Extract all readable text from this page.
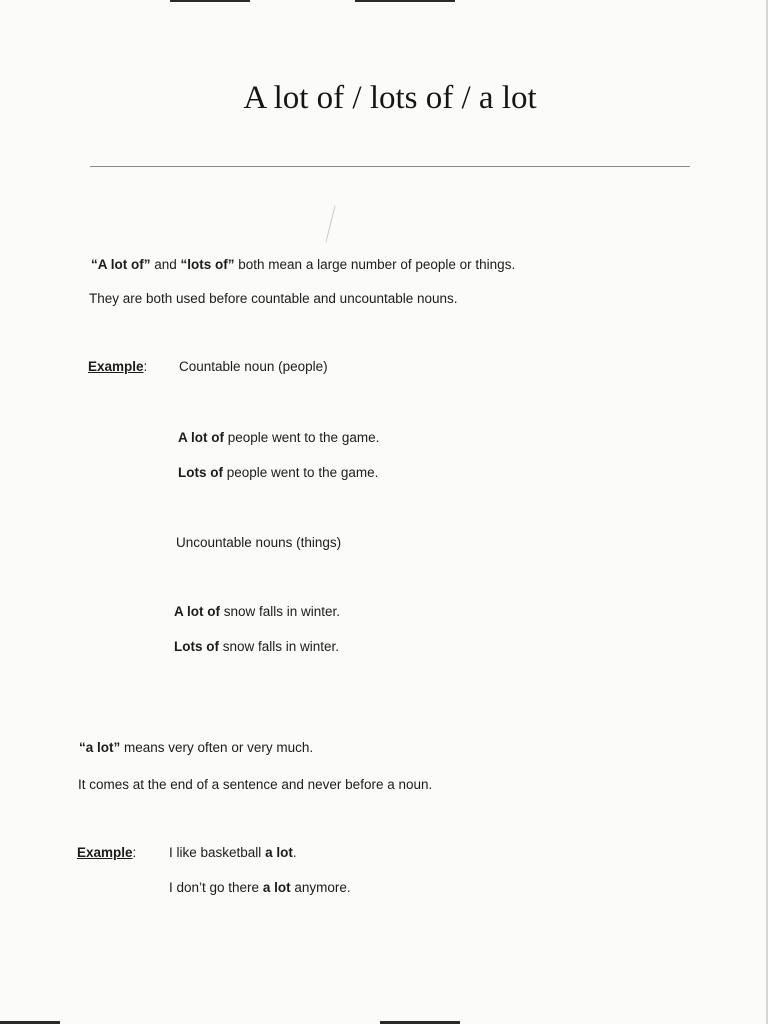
A lot of / lots of / a lot

“A lot of” and “lots of” both mean a large number of people or things.

They are both used before countable and uncountable nouns.

Example: Countable noun (people)

A lot of people went to the game.

Lots of people went to the game.

Uncountable nouns (things)

A lot of snow falls in winter.

Lots of snow falls in winter.

“a lot” means very often or very much.

It comes at the end of a sentence and never before a noun.

Example: I like basketball a lot.

I don’t go there a lot anymore.
